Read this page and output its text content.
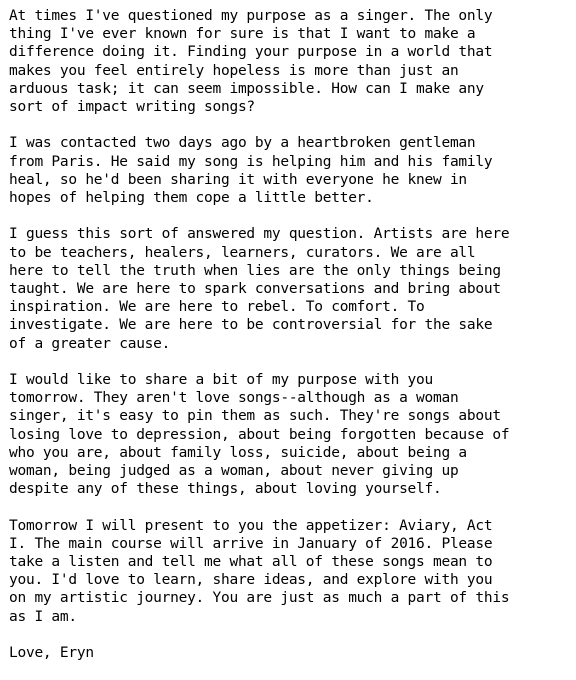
At times I've questioned my purpose as a singer. The only
thing I've ever known for sure is that I want to make a
difference doing it. Finding your purpose in a world that
makes you feel entirely hopeless is more than just an
arduous task; it can seem impossible. How can I make any
sort of impact writing songs?

I was contacted two days ago by a heartbroken gentleman
from Paris. He said my song is helping him and his family
heal, so he'd been sharing it with everyone he knew in
hopes of helping them cope a little better.

I guess this sort of answered my question. Artists are here
to be teachers, healers, learners, curators. We are all
here to tell the truth when lies are the only things being
taught. We are here to spark conversations and bring about
inspiration. We are here to rebel. To comfort. To
investigate. We are here to be controversial for the sake
of a greater cause.

I would like to share a bit of my purpose with you
tomorrow. They aren't love songs--although as a woman
singer, it's easy to pin them as such. They're songs about
losing love to depression, about being forgotten because of
who you are, about family loss, suicide, about being a
woman, being judged as a woman, about never giving up
despite any of these things, about loving yourself.

Tomorrow I will present to you the appetizer: Aviary, Act
I. The main course will arrive in January of 2016. Please
take a listen and tell me what all of these songs mean to
you. I'd love to learn, share ideas, and explore with you
on my artistic journey. You are just as much a part of this
as I am.

Love, Eryn
